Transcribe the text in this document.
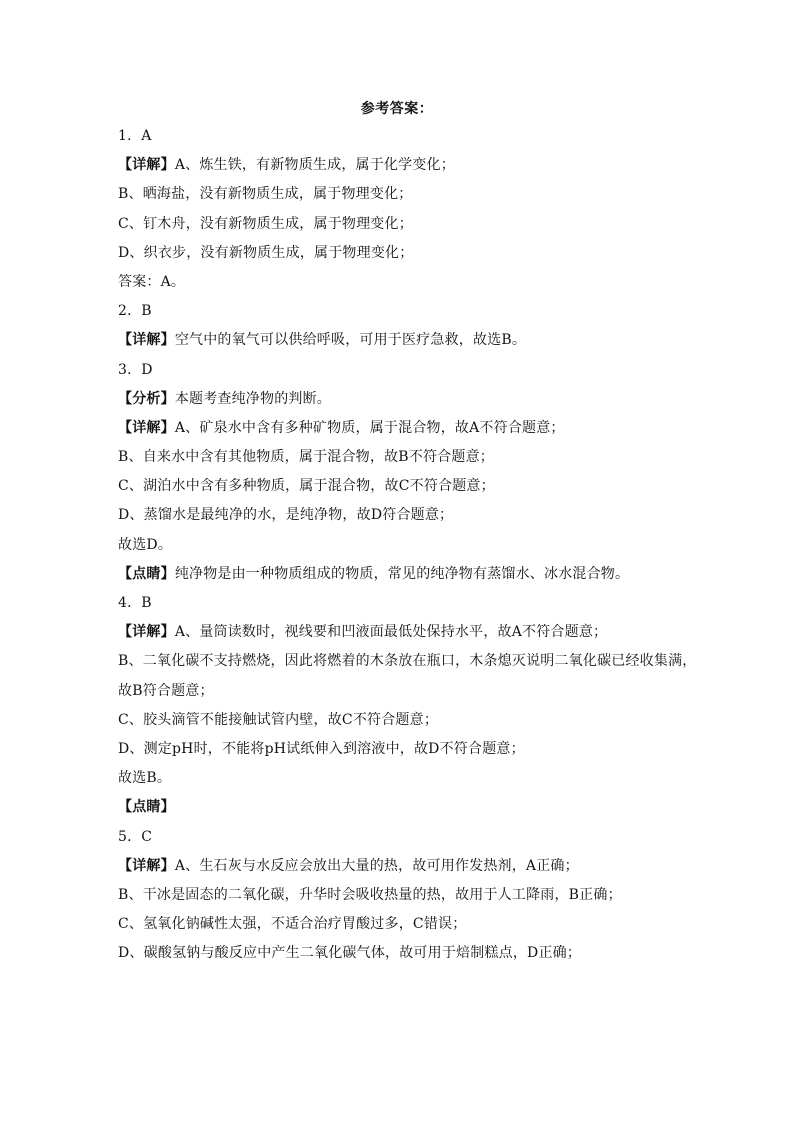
参考答案：
1．A
【详解】A、炼生铁，有新物质生成，属于化学变化；
B、晒海盐，没有新物质生成，属于物理变化；
C、钉木舟，没有新物质生成，属于物理变化；
D、织衣步，没有新物质生成，属于物理变化；
答案：A。
2．B
【详解】空气中的氧气可以供给呼吸，可用于医疗急救，故选B。
3．D
【分析】本题考查纯净物的判断。
【详解】A、矿泉水中含有多种矿物质，属于混合物，故A不符合题意；
B、自来水中含有其他物质，属于混合物，故B不符合题意；
C、湖泊水中含有多种物质，属于混合物，故C不符合题意；
D、蒸馏水是最纯净的水，是纯净物，故D符合题意；
故选D。
【点睛】纯净物是由一种物质组成的物质，常见的纯净物有蒸馏水、冰水混合物。
4．B
【详解】A、量筒读数时，视线要和凹液面最低处保持水平，故A不符合题意；
B、二氧化碳不支持燃烧，因此将燃着的木条放在瓶口，木条熄灭说明二氧化碳已经收集满，
故B符合题意；
C、胶头滴管不能接触试管内壁，故C不符合题意；
D、测定pH时，不能将pH试纸伸入到溶液中，故D不符合题意；
故选B。
【点睛】
5．C
【详解】A、生石灰与水反应会放出大量的热，故可用作发热剂，A正确；
B、干冰是固态的二氧化碳，升华时会吸收热量的热，故用于人工降雨，B正确；
C、氢氧化钠碱性太强，不适合治疗胃酸过多，C错误；
D、碳酸氢钠与酸反应中产生二氧化碳气体，故可用于焙制糕点，D正确；
